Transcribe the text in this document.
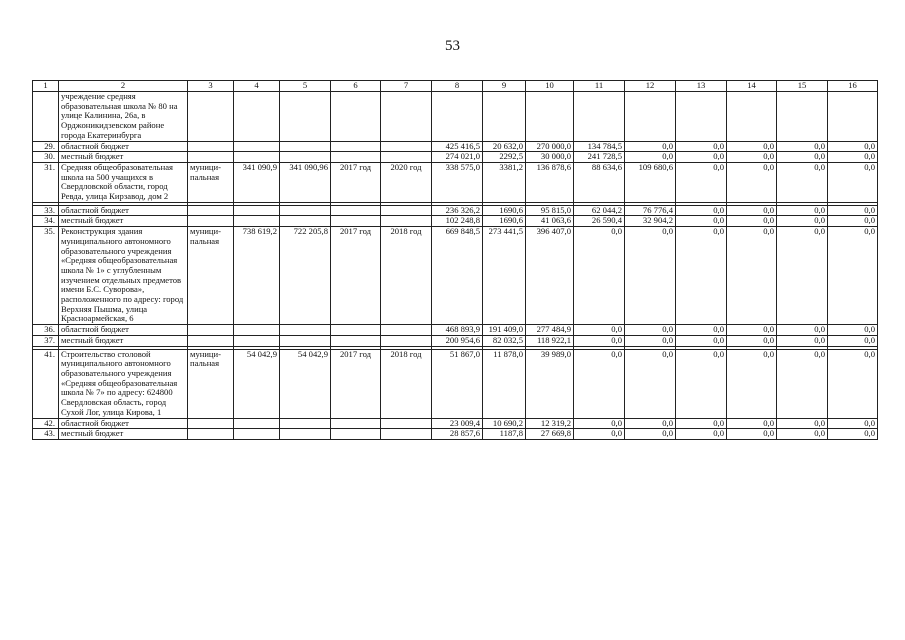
53
1	2	3	4	5	6	7	8	9	10	11	12	13	14	15	16
	учреждение средняя образовательная школа № 80 на улице Калинина, 26а, в Орджоникидзевском районе города Екатеринбурга														
29.	областной бюджет						425 416,5	20 632,0	270 000,0	134 784,5	0,0	0,0	0,0	0,0	0,0
30.	местный бюджет						274 021,0	2292,5	30 000,0	241 728,5	0,0	0,0	0,0	0,0	0,0
31.	Средняя общеобразовательная школа на 500 учащихся в Свердловской области, город Ревда, улица Кирзавод, дом 2	муници-пальная	341 090,9	341 090,96	2017 год	2020 год	338 575,0	3381,2	136 878,6	88 634,6	109 680,6	0,0	0,0	0,0	0,0

33.	областной бюджет						236 326,2	1690,6	95 815,0	62 044,2	76 776,4	0,0	0,0	0,0	0,0
34.	местный бюджет						102 248,8	1690,6	41 063,6	26 590,4	32 904,2	0,0	0,0	0,0	0,0
35.	Реконструкция здания муниципального автономного образовательного учреждения «Средняя общеобразовательная школа № 1» с углубленным изучением отдельных предметов имени Б.С. Суворова», расположенного по адресу: город Верхняя Пышма, улица Красноармейская, 6	муници-пальная	738 619,2	722 205,8	2017 год	2018 год	669 848,5	273 441,5	396 407,0	0,0	0,0	0,0	0,0	0,0	0,0
36.	областной бюджет						468 893,9	191 409,0	277 484,9	0,0	0,0	0,0	0,0	0,0	0,0
37.	местный бюджет						200 954,6	82 032,5	118 922,1	0,0	0,0	0,0	0,0	0,0	0,0

41.	Строительство столовой муниципального автономного образовательного учреждения «Средняя общеобразовательная школа № 7» по адресу: 624800 Свердловская область, город Сухой Лог, улица Кирова, 1	муници-пальная	54 042,9	54 042,9	2017 год	2018 год	51 867,0	11 878,0	39 989,0	0,0	0,0	0,0	0,0	0,0	0,0
42.	областной бюджет						23 009,4	10 690,2	12 319,2	0,0	0,0	0,0	0,0	0,0	0,0
43.	местный бюджет						28 857,6	1187,8	27 669,8	0,0	0,0	0,0	0,0	0,0	0,0
